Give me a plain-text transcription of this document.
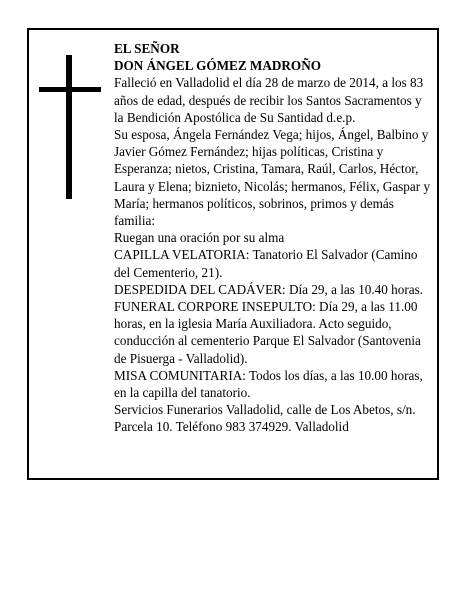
EL SEÑOR

DON ÁNGEL GÓMEZ MADROÑO

Falleció en Valladolid el día 28 de marzo de 2014, a los 83 años de edad, después de recibir los Santos Sacramentos y la Bendición Apostólica de Su Santidad d.e.p.

Su esposa, Ángela Fernández Vega; hijos, Ángel, Balbino y Javier Gómez Fernández; hijas políticas, Cristina y Esperanza; nietos, Cristina, Tamara, Raúl, Carlos, Héctor, Laura y Elena; biznieto, Nicolás; hermanos, Félix, Gaspar y María; hermanos políticos, sobrinos, primos y demás familia:

Ruegan una oración por su alma

CAPILLA VELATORIA: Tanatorio El Salvador (Camino del Cementerio, 21).

DESPEDIDA DEL CADÁVER: Día 29, a las 10.40 horas.

FUNERAL CORPORE INSEPULTO: Día 29, a las 11.00 horas, en la iglesia María Auxiliadora. Acto seguido, conducción al cementerio Parque El Salvador (Santovenia de Pisuerga - Valladolid).

MISA COMUNITARIA: Todos los días, a las 10.00 horas, en la capilla del tanatorio.

Servicios Funerarios Valladolid, calle de Los Abetos, s/n. Parcela 10. Teléfono 983 374929. Valladolid
